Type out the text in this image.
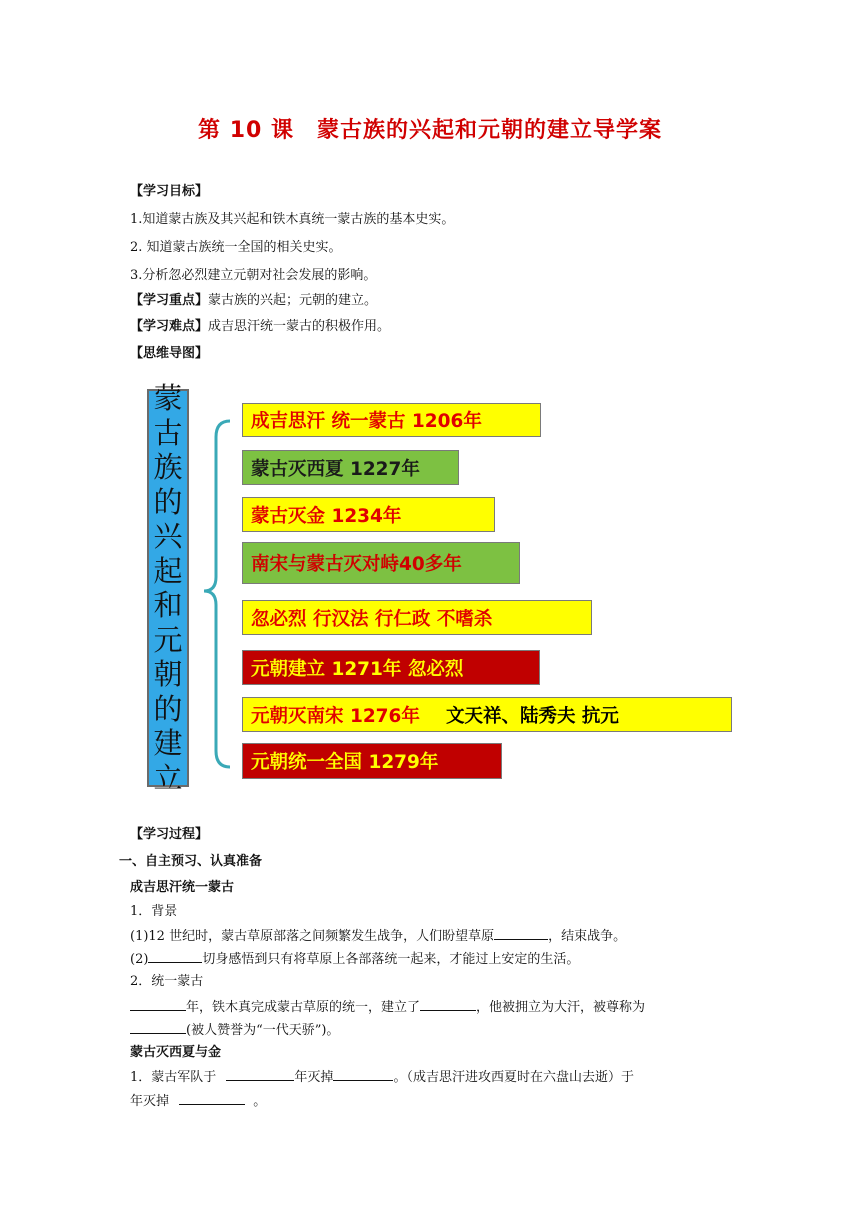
第 10 课　蒙古族的兴起和元朝的建立导学案
【学习目标】
1.知道蒙古族及其兴起和铁木真统一蒙古族的基本史实。
2. 知道蒙古族统一全国的相关史实。
3.分析忽必烈建立元朝对社会发展的影响。
【学习重点】蒙古族的兴起；元朝的建立。
【学习难点】成吉思汗统一蒙古的积极作用。
【思维导图】
蒙
古
族
的
兴
起
和
元
朝
的
建
立
成吉思汗 统一蒙古 1206年
蒙古灭西夏 1227年
蒙古灭金 1234年
南宋与蒙古灭对峙40多年
忽必烈 行汉法 行仁政 不嗜杀
元朝建立 1271年 忽必烈
元朝灭南宋 1276年 文天祥、陆秀夫 抗元
元朝统一全国 1279年
【学习过程】
一、自主预习、认真准备
成吉思汗统一蒙古
1．背景
(1)12 世纪时，蒙古草原部落之间频繁发生战争，人们盼望草原	，结束战争。
(2)	切身感悟到只有将草原上各部落统一起来，才能过上安定的生活。
2．统一蒙古
年，铁木真完成蒙古草原的统一，建立了	，他被拥立为大汗，被尊称为
(被人赞誉为“一代天骄”)。
蒙古灭西夏与金
1．蒙古军队于	年灭掉	。（成吉思汗进攻西夏时在六盘山去逝）于
年灭掉	。
